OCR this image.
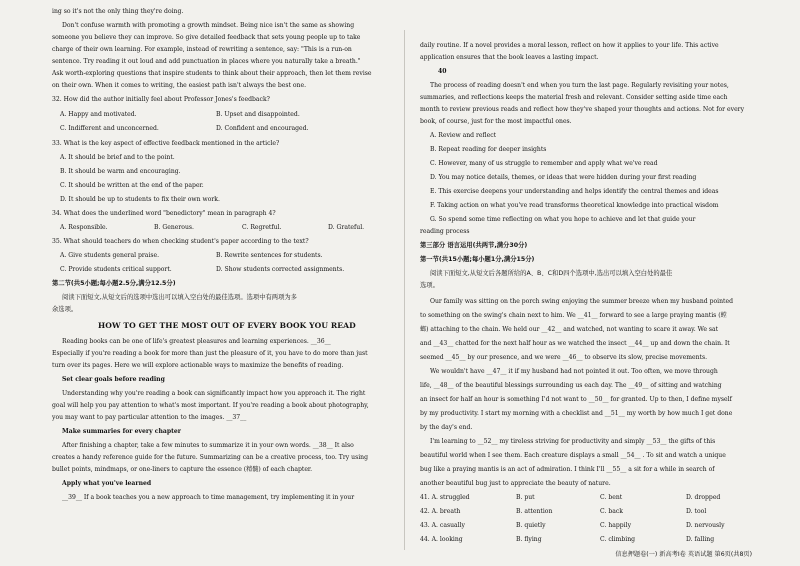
ing so it's not the only thing they're doing.
Don't confuse warmth with promoting a growth mindset. Being nice isn't the same as showing
someone you believe they can improve. So give detailed feedback that sets young people up to take
charge of their own learning. For example, instead of rewriting a sentence, say: "This is a run-on
sentence. Try reading it out loud and add punctuation in places where you naturally take a breath."
Ask worth-exploring questions that inspire students to think about their approach, then let them revise
on their own. When it comes to writing, the easiest path isn't always the best one.
32. How did the author initially feel about Professor Jones's feedback?
A. Happy and motivated.	B. Upset and disappointed.
C. Indifferent and unconcerned.	D. Confident and encouraged.
33. What is the key aspect of effective feedback mentioned in the article?
A. It should be brief and to the point.
B. It should be warm and encouraging.
C. It should be written at the end of the paper.
D. It should be up to students to fix their own work.
34. What does the underlined word "benedictory" mean in paragraph 4?
A. Responsible.	B. Generous.	C. Regretful.	D. Grateful.
35. What should teachers do when checking student's paper according to the text?
A. Give students general praise.	B. Rewrite sentences for students.
C. Provide students critical support.	D. Show students corrected assignments.
第二节(共5小题;每小题2.5分,满分12.5分)
阅读下面短文,从短文后的选项中选出可以填入空白处的最佳选项。选项中有两项为多
余选项。
HOW TO GET THE MOST OUT OF EVERY BOOK YOU READ
Reading books can be one of life's greatest pleasures and learning experiences. __36__
Especially if you're reading a book for more than just the pleasure of it, you have to do more than just
turn over its pages. Here we will explore actionable ways to maximize the benefits of reading.
Set clear goals before reading
Understanding why you're reading a book can significantly impact how you approach it. The right
goal will help you pay attention to what's most important. If you're reading a book about photography,
you may want to pay particular attention to the images. __37__
Make summaries for every chapter
After finishing a chapter, take a few minutes to summarize it in your own words. __38__ It also
creates a handy reference guide for the future. Summarizing can be a creative process, too. Try using
bullet points, mindmaps, or one-liners to capture the essence (精髓) of each chapter.
Apply what you've learned
__39__ If a book teaches you a new approach to time management, try implementing it in your
daily routine. If a novel provides a moral lesson, reflect on how it applies to your life. This active
application ensures that the book leaves a lasting impact.
40
The process of reading doesn't end when you turn the last page. Regularly revisiting your notes,
summaries, and reflections keeps the material fresh and relevant. Consider setting aside time each
month to review previous reads and reflect how they've shaped your thoughts and actions. Not for every
book, of course, just for the most impactful ones.
A. Review and reflect
B. Repeat reading for deeper insights
C. However, many of us struggle to remember and apply what we've read
D. You may notice details, themes, or ideas that were hidden during your first reading
E. This exercise deepens your understanding and helps identify the central themes and ideas
F. Taking action on what you've read transforms theoretical knowledge into practical wisdom
G. So spend some time reflecting on what you hope to achieve and let that guide your
reading process
第三部分 语言运用(共两节,满分30分)
第一节(共15小题;每小题1分,满分15分)
阅读下面短文,从短文后各题所给的A、B、C和D四个选项中,选出可以填入空白处的最佳
选项。
Our family was sitting on the porch swing enjoying the summer breeze when my husband pointed
to something on the swing's chain next to him. We __41__ forward to see a large praying mantis (螳
螂) attaching to the chain. We held our __42__ and watched, not wanting to scare it away. We sat
and __43__ chatted for the next half hour as we watched the insect __44__ up and down the chain. It
seemed __45__ by our presence, and we were __46__ to observe its slow, precise movements.
We wouldn't have __47__ it if my husband had not pointed it out. Too often, we move through
life, __48__ of the beautiful blessings surrounding us each day. The __49__ of sitting and watching
an insect for half an hour is something I'd not want to __50__ for granted. Up to then, I define myself
by my productivity. I start my morning with a checklist and __51__ my worth by how much I get done
by the day's end.
I'm learning to __52__ my tireless striving for productivity and simply __53__ the gifts of this
beautiful world when I see them. Each creature displays a small __54__ . To sit and watch a unique
bug like a praying mantis is an act of admiration. I think I'll __55__ a sit for a while in search of
another beautiful bug just to appreciate the beauty of nature.
41. A. struggled	B. put	C. bent	D. dropped
42. A. breath	B. attention	C. back	D. tool
43. A. casually	B. quietly	C. happily	D. nervously
44. A. looking	B. flying	C. climbing	D. falling
信息押题卷(一) 新高考Ⅰ卷 英语试题 第6页(共8页)
